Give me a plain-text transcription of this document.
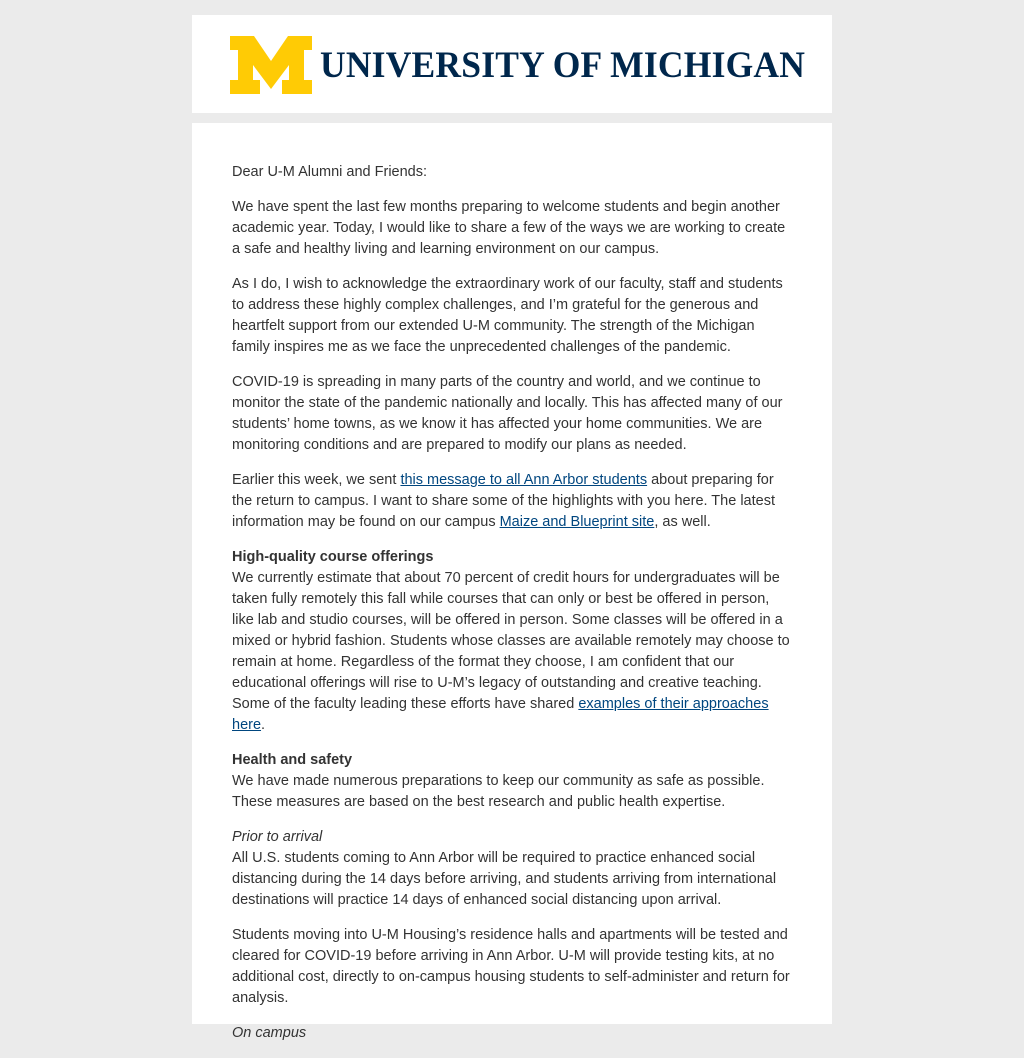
UNIVERSITY OF MICHIGAN

Dear U-M Alumni and Friends:

We have spent the last few months preparing to welcome students and begin another academic year. Today, I would like to share a few of the ways we are working to create a safe and healthy living and learning environment on our campus.

As I do, I wish to acknowledge the extraordinary work of our faculty, staff and students to address these highly complex challenges, and I’m grateful for the generous and heartfelt support from our extended U-M community. The strength of the Michigan family inspires me as we face the unprecedented challenges of the pandemic.

COVID-19 is spreading in many parts of the country and world, and we continue to monitor the state of the pandemic nationally and locally. This has affected many of our students’ home towns, as we know it has affected your home communities. We are monitoring conditions and are prepared to modify our plans as needed.

Earlier this week, we sent this message to all Ann Arbor students about preparing for the return to campus. I want to share some of the highlights with you here. The latest information may be found on our campus Maize and Blueprint site, as well.

High-quality course offerings
We currently estimate that about 70 percent of credit hours for undergraduates will be taken fully remotely this fall while courses that can only or best be offered in person, like lab and studio courses, will be offered in person. Some classes will be offered in a mixed or hybrid fashion. Students whose classes are available remotely may choose to remain at home. Regardless of the format they choose, I am confident that our educational offerings will rise to U-M’s legacy of outstanding and creative teaching. Some of the faculty leading these efforts have shared examples of their approaches here.

Health and safety
We have made numerous preparations to keep our community as safe as possible. These measures are based on the best research and public health expertise.

Prior to arrival
All U.S. students coming to Ann Arbor will be required to practice enhanced social distancing during the 14 days before arriving, and students arriving from international destinations will practice 14 days of enhanced social distancing upon arrival.

Students moving into U-M Housing’s residence halls and apartments will be tested and cleared for COVID-19 before arriving in Ann Arbor. U-M will provide testing kits, at no additional cost, directly to on-campus housing students to self-administer and return for analysis.

On campus
